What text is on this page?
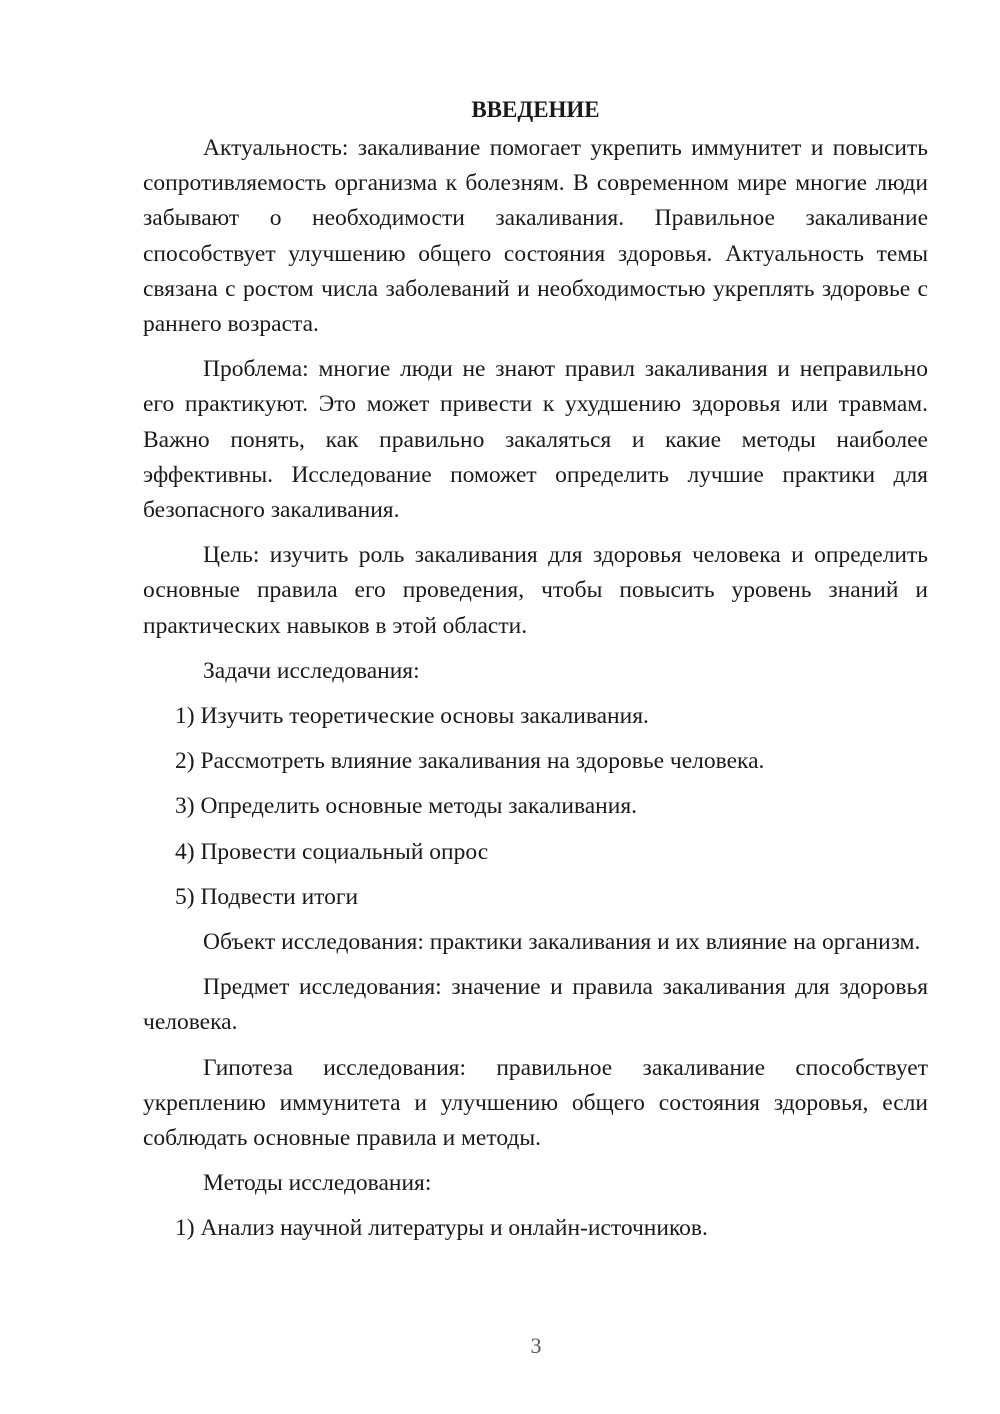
ВВЕДЕНИЕ

Актуальность: закаливание помогает укрепить иммунитет и повысить сопротивляемость организма к болезням. В современном мире многие люди забывают о необходимости закаливания. Правильное закаливание способствует улучшению общего состояния здоровья. Актуальность темы связана с ростом числа заболеваний и необходимостью укреплять здоровье с раннего возраста.

Проблема: многие люди не знают правил закаливания и неправильно его практикуют. Это может привести к ухудшению здоровья или травмам. Важно понять, как правильно закаляться и какие методы наиболее эффективны. Исследование поможет определить лучшие практики для безопасного закаливания.

Цель: изучить роль закаливания для здоровья человека и определить основные правила его проведения, чтобы повысить уровень знаний и практических навыков в этой области.

Задачи исследования:

1) Изучить теоретические основы закаливания.

2) Рассмотреть влияние закаливания на здоровье человека.

3) Определить основные методы закаливания.

4) Провести социальный опрос

5) Подвести итоги

Объект исследования: практики закаливания и их влияние на организм.

Предмет исследования: значение и правила закаливания для здоровья человека.

Гипотеза исследования: правильное закаливание способствует укреплению иммунитета и улучшению общего состояния здоровья, если соблюдать основные правила и методы.

Методы исследования:

1) Анализ научной литературы и онлайн-источников.

3
